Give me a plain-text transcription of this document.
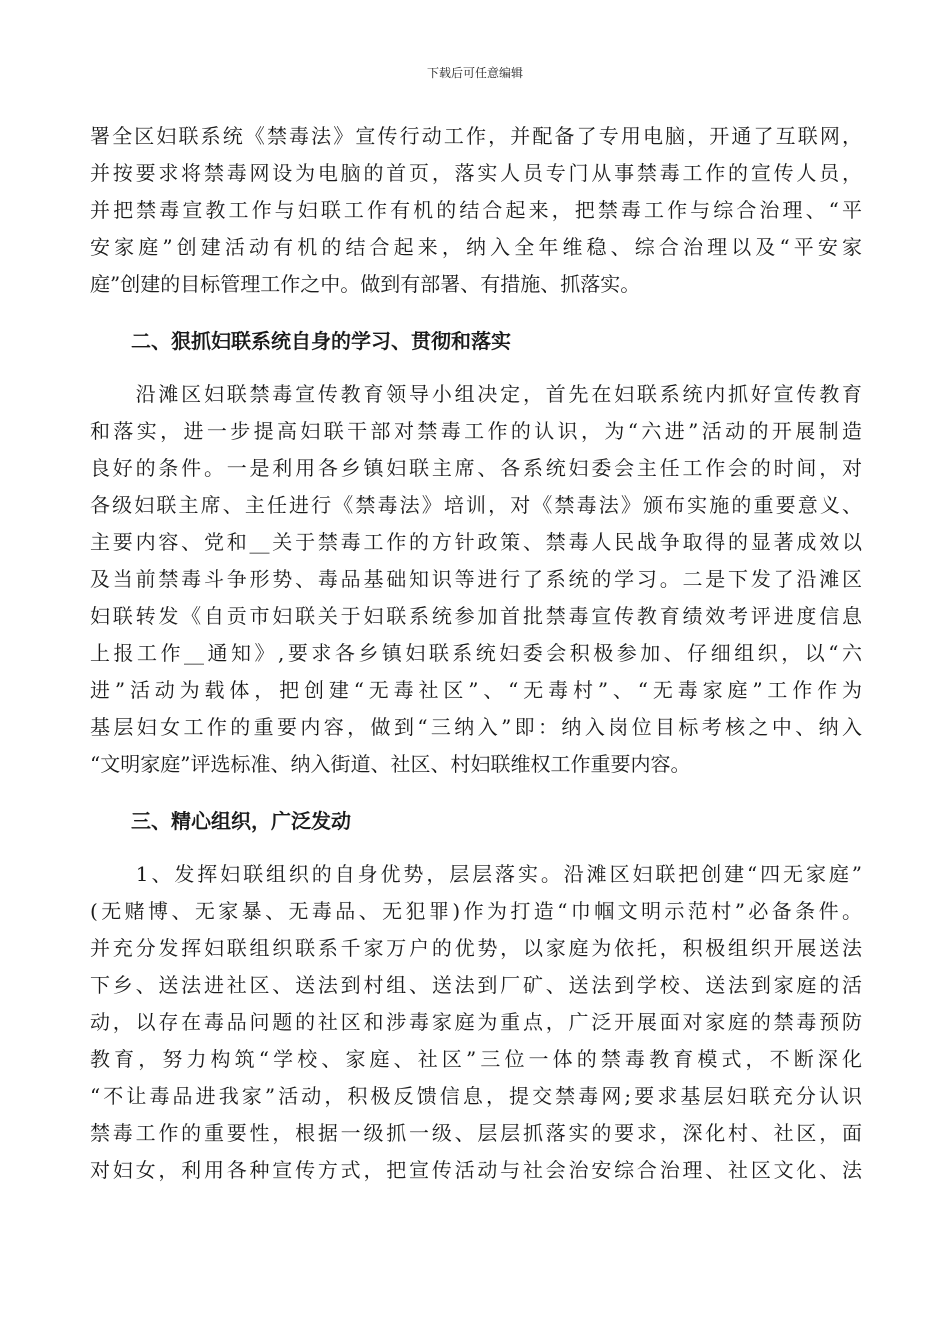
下载后可任意编辑
署全区妇联系统《禁毒法》宣传行动工作，并配备了专用电脑，开通了互联网，
并按要求将禁毒网设为电脑的首页，落实人员专门从事禁毒工作的宣传人员，
并把禁毒宣教工作与妇联工作有机的结合起来，把禁毒工作与综合治理、“平
安家庭”创建活动有机的结合起来，纳入全年维稳、综合治理以及“平安家
庭”创建的目标管理工作之中。做到有部署、有措施、抓落实。
二、狠抓妇联系统自身的学习、贯彻和落实
　　沿滩区妇联禁毒宣传教育领导小组决定，首先在妇联系统内抓好宣传教育
和落实，进一步提高妇联干部对禁毒工作的认识，为“六进”活动的开展制造
良好的条件。一是利用各乡镇妇联主席、各系统妇委会主任工作会的时间，对
各级妇联主席、主任进行《禁毒法》培训，对《禁毒法》颁布实施的重要意义、
主要内容、党和__关于禁毒工作的方针政策、禁毒人民战争取得的显著成效以
及当前禁毒斗争形势、毒品基础知识等进行了系统的学习。二是下发了沿滩区
妇联转发《自贡市妇联关于妇联系统参加首批禁毒宣传教育绩效考评进度信息
上报工作__通知》,要求各乡镇妇联系统妇委会积极参加、仔细组织，以“六
进”活动为载体，把创建“无毒社区”、“无毒村”、“无毒家庭”工作作为
基层妇女工作的重要内容，做到“三纳入”即：纳入岗位目标考核之中、纳入
“文明家庭”评选标准、纳入街道、社区、村妇联维权工作重要内容。
三、精心组织，广泛发动
　　1、发挥妇联组织的自身优势，层层落实。沿滩区妇联把创建“四无家庭”
(无赌博、无家暴、无毒品、无犯罪)作为打造“巾帼文明示范村”必备条件。
并充分发挥妇联组织联系千家万户的优势，以家庭为依托，积极组织开展送法
下乡、送法进社区、送法到村组、送法到厂矿、送法到学校、送法到家庭的活
动，以存在毒品问题的社区和涉毒家庭为重点，广泛开展面对家庭的禁毒预防
教育，努力构筑“学校、家庭、社区”三位一体的禁毒教育模式，不断深化
“不让毒品进我家”活动，积极反馈信息，提交禁毒网;要求基层妇联充分认识
禁毒工作的重要性，根据一级抓一级、层层抓落实的要求，深化村、社区，面
对妇女，利用各种宣传方式，把宣传活动与社会治安综合治理、社区文化、法
